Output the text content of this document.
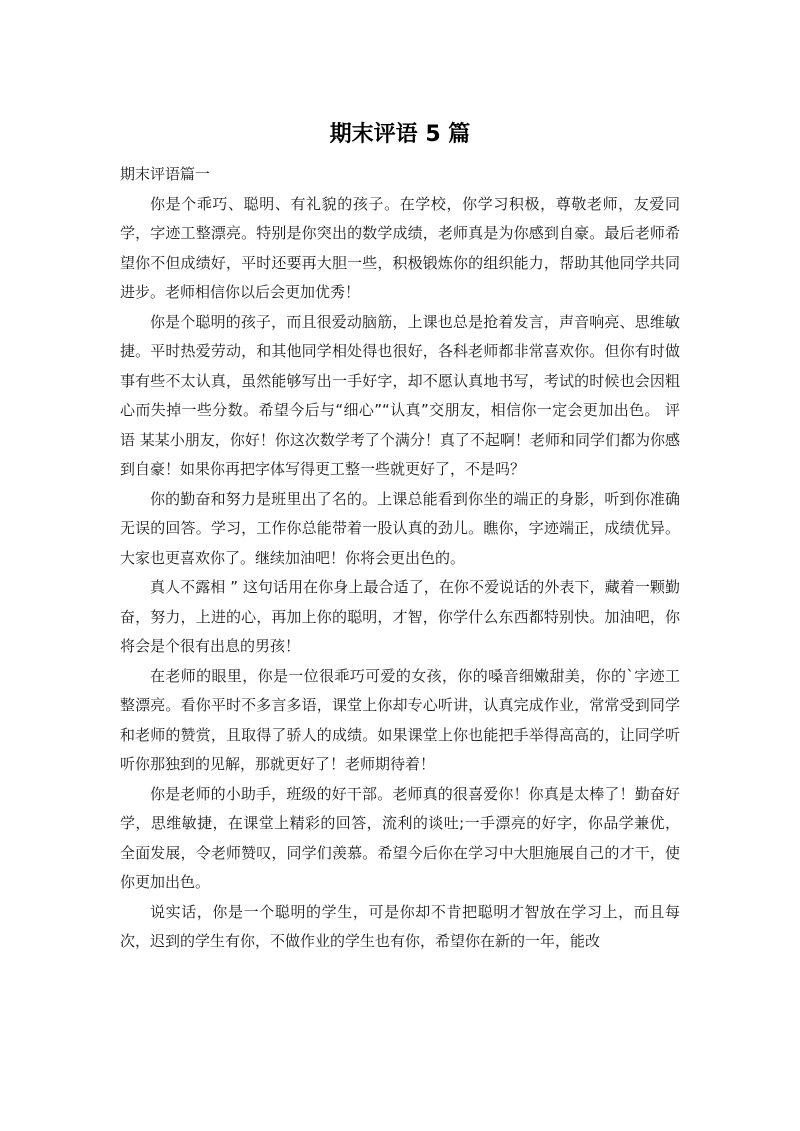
期末评语 5 篇

期末评语篇一

你是个乖巧、聪明、有礼貌的孩子。在学校，你学习积极，尊敬老师，友爱同学，字迹工整漂亮。特别是你突出的数学成绩，老师真是为你感到自豪。最后老师希望你不但成绩好，平时还要再大胆一些，积极锻炼你的组织能力，帮助其他同学共同进步。老师相信你以后会更加优秀！

你是个聪明的孩子，而且很爱动脑筋，上课也总是抢着发言，声音响亮、思维敏捷。平时热爱劳动，和其他同学相处得也很好，各科老师都非常喜欢你。但你有时做事有些不太认真，虽然能够写出一手好字，却不愿认真地书写，考试的时候也会因粗心而失掉一些分数。希望今后与“细心”“认真”交朋友，相信你一定会更加出色。 评语 某某小朋友，你好！你这次数学考了个满分！真了不起啊！老师和同学们都为你感到自豪！如果你再把字体写得更工整一些就更好了，不是吗？

你的勤奋和努力是班里出了名的。上课总能看到你坐的端正的身影，听到你准确无误的回答。学习，工作你总能带着一股认真的劲儿。瞧你，字迹端正，成绩优异。大家也更喜欢你了。继续加油吧！你将会更出色的。

真人不露相 ” 这句话用在你身上最合适了，在你不爱说话的外表下，藏着一颗勤奋，努力，上进的心，再加上你的聪明，才智，你学什么东西都特别快。加油吧，你将会是个很有出息的男孩！

在老师的眼里，你是一位很乖巧可爱的女孩，你的嗓音细嫩甜美，你的`字迹工整漂亮。看你平时不多言多语，课堂上你却专心听讲，认真完成作业，常常受到同学和老师的赞赏，且取得了骄人的成绩。如果课堂上你也能把手举得高高的，让同学听听你那独到的见解，那就更好了！老师期待着！

你是老师的小助手，班级的好干部。老师真的很喜爱你！你真是太棒了！勤奋好学，思维敏捷，在课堂上精彩的回答，流利的谈吐;一手漂亮的好字，你品学兼优，全面发展，令老师赞叹，同学们羡慕。希望今后你在学习中大胆施展自己的才干，使你更加出色。

说实话，你是一个聪明的学生，可是你却不肯把聪明才智放在学习上，而且每次，迟到的学生有你，不做作业的学生也有你，希望你在新的一年，能改
